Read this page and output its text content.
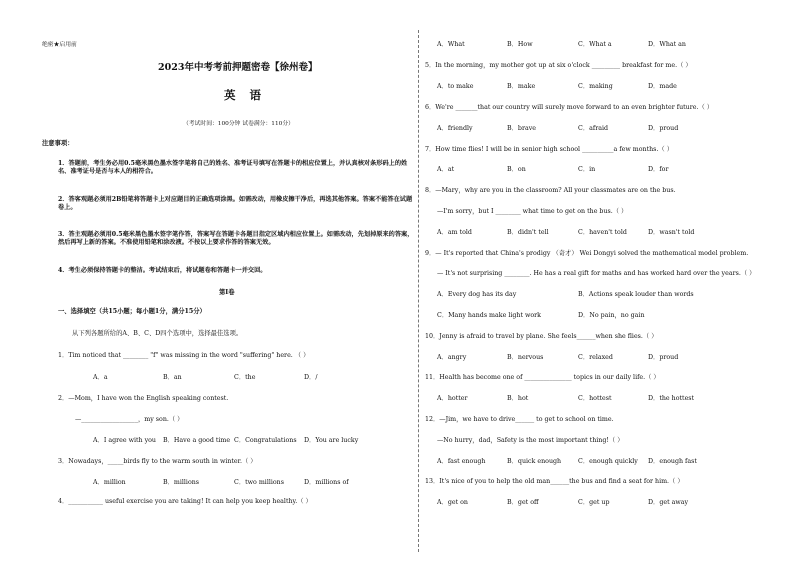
绝密★启用前
2023年中考考前押题密卷【徐州卷】
英语
（考试时间：100分钟 试卷满分：110分）
注意事项：
1．答题前，考生务必用0.5毫米黑色墨水签字笔将自己的姓名、准考证号填写在答题卡的相应位置上，并认真核对条形码上的姓名、准考证号是否与本人的相符合。
2．答客观题必须用2B铅笔将答题卡上对应题目的正确选项涂黑。如需改动，用橡皮擦干净后，再选其他答案。答案不能答在试题卷上。
3．答主观题必须用0.5毫米黑色墨水签字笔作答，答案写在答题卡各题目指定区域内相应位置上。如需改动，先划掉原来的答案，然后再写上新的答案。不准使用铅笔和涂改液。不按以上要求作答的答案无效。
4．考生必须保持答题卡的整洁。考试结束后，将试题卷和答题卡一并交回。
第Ⅰ卷
一、选择填空（共15小题；每小题1分，满分15分）
从下列各题所给的A、B、C、D四个选项中，选择最佳选项。
1．Tim noticed that ________ "f" was missing in the word "suffering" here. （ ）
A．a	B．an	C．the	D．/
2．—Mom，I have won the English speaking contest.
—__________________，my son.（ ）
A．I agree with you B．Have a good time C．Congratulations D．You are lucky
3．Nowadays，_____birds fly to the warm south in winter.（ ）
A．million	B．millions	C．two millions	D．millions of
4．___________ useful exercise you are taking! It can help you keep healthy.（ ）
A．What	B．How	C．What a	D．What an
5．In the morning，my mother got up at six o'clock _________ breakfast for me.（ ）
A．to make	B．make	C．making	D．made
6．We're _______that our country will surely move forward to an even brighter future.（ ）
A．friendly	B．brave	C．afraid	D．proud
7．How time flies! I will be in senior high school __________a few months.（ ）
A．at	B．on	C．in	D．for
8．—Mary，why are you in the classroom? All your classmates are on the bus.
—I'm sorry，but I ________ what time to get on the bus.（ ）
A．am told	B．didn't tell	C．haven't told	D．wasn't told
9．— It's reported that China's prodigy （奇才） Wei Dongyi solved the mathematical model problem.
— It's not surprising ________. He has a real gift for maths and has worked hard over the years.（ ）
A．Every dog has its day	B．Actions speak louder than words
C．Many hands make light work	D．No pain，no gain
10．Jenny is afraid to travel by plane. She feels______when she flies.（ ）
A．angry	B．nervous	C．relaxed	D．proud
11．Health has become one of _______________ topics in our daily life.（ ）
A．hotter	B．hot	C．hottest	D．the hottest
12．—Jim，we have to drive______ to get to school on time.
—No hurry，dad，Safety is the most important thing!（ ）
A．fast enough	B．quick enough	C．enough quickly D．enough fast
13．It's nice of you to help the old man______the bus and find a seat for him.（ ）
A．get on	B．get off	C．get up	D．get away
